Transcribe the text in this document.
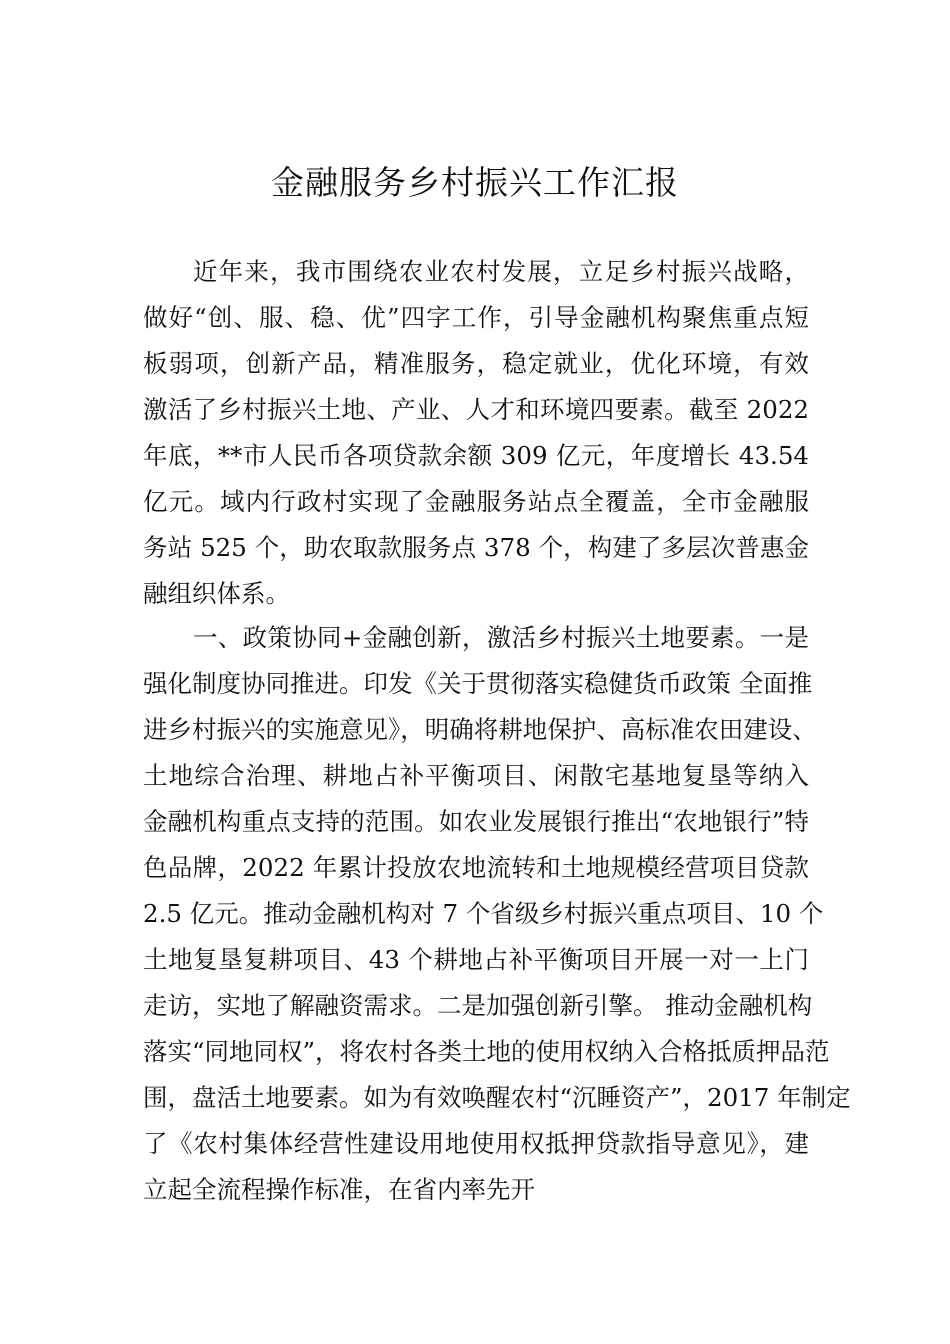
金融服务乡村振兴工作汇报
近年来，我市围绕农业农村发展，立足乡村振兴战略，
做好“创、服、稳、优”四字工作，引导金融机构聚焦重点短
板弱项，创新产品，精准服务，稳定就业，优化环境，有效
激活了乡村振兴土地、产业、人才和环境四要素。截至 2022
年底，**市人民币各项贷款余额 309 亿元，年度增长 43.54
亿元。域内行政村实现了金融服务站点全覆盖，全市金融服
务站 525 个，助农取款服务点 378 个，构建了多层次普惠金
融组织体系。
一、政策协同+金融创新，激活乡村振兴土地要素。一是
强化制度协同推进。印发《关于贯彻落实稳健货币政策 全面推
进乡村振兴的实施意见》，明确将耕地保护、高标准农田建设、
土地综合治理、耕地占补平衡项目、闲散宅基地复垦等纳入
金融机构重点支持的范围。如农业发展银行推出“农地银行”特
色品牌，2022 年累计投放农地流转和土地规模经营项目贷款
2.5 亿元。推动金融机构对 7 个省级乡村振兴重点项目、10 个
土地复垦复耕项目、43 个耕地占补平衡项目开展一对一上门
走访，实地了解融资需求。二是加强创新引擎。 推动金融机构
落实“同地同权”，将农村各类土地的使用权纳入合格抵质押品范
围，盘活土地要素。如为有效唤醒农村“沉睡资产”，2017 年制定
了《农村集体经营性建设用地使用权抵押贷款指导意见》，建
立起全流程操作标准，在省内率先开
